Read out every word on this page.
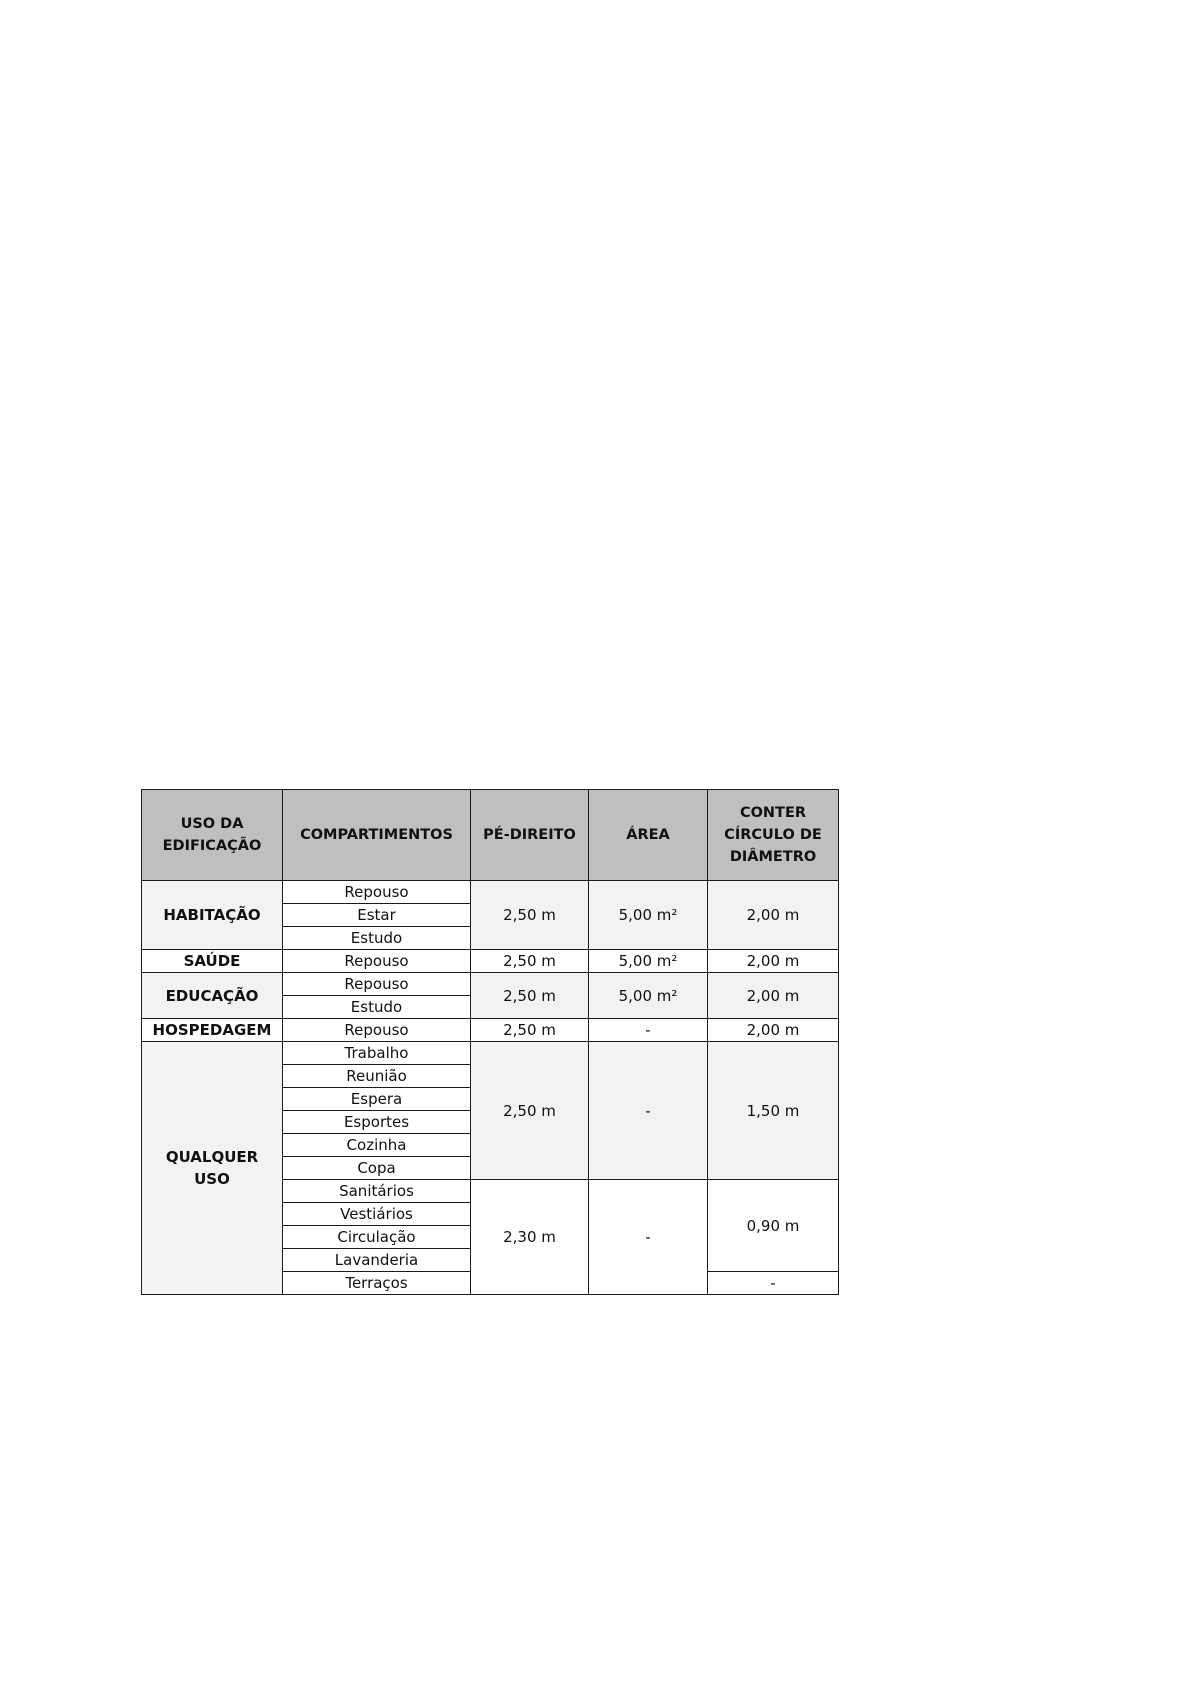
USO DA
EDIFICAÇÃO	COMPARTIMENTOS	PÉ-DIREITO	ÁREA	CONTER
CÍRCULO DE
DIÂMETRO

HABITAÇÃO	Repouso	2,50 m	5,00 m²	2,00 m
	Estar			
	Estudo			
SAÚDE	Repouso	2,50 m	5,00 m²	2,00 m
EDUCAÇÃO	Repouso	2,50 m	5,00 m²	2,00 m
	Estudo			
HOSPEDAGEM	Repouso	2,50 m	-	2,00 m

QUALQUER
USO	Trabalho	2,50 m	-	1,50 m
	Reunião			
	Espera			
	Esportes			
	Cozinha			
	Copa			
	Sanitários	2,30 m	-	0,90 m
	Vestiários			
	Circulação			
	Lavanderia			
	Terraços			-
